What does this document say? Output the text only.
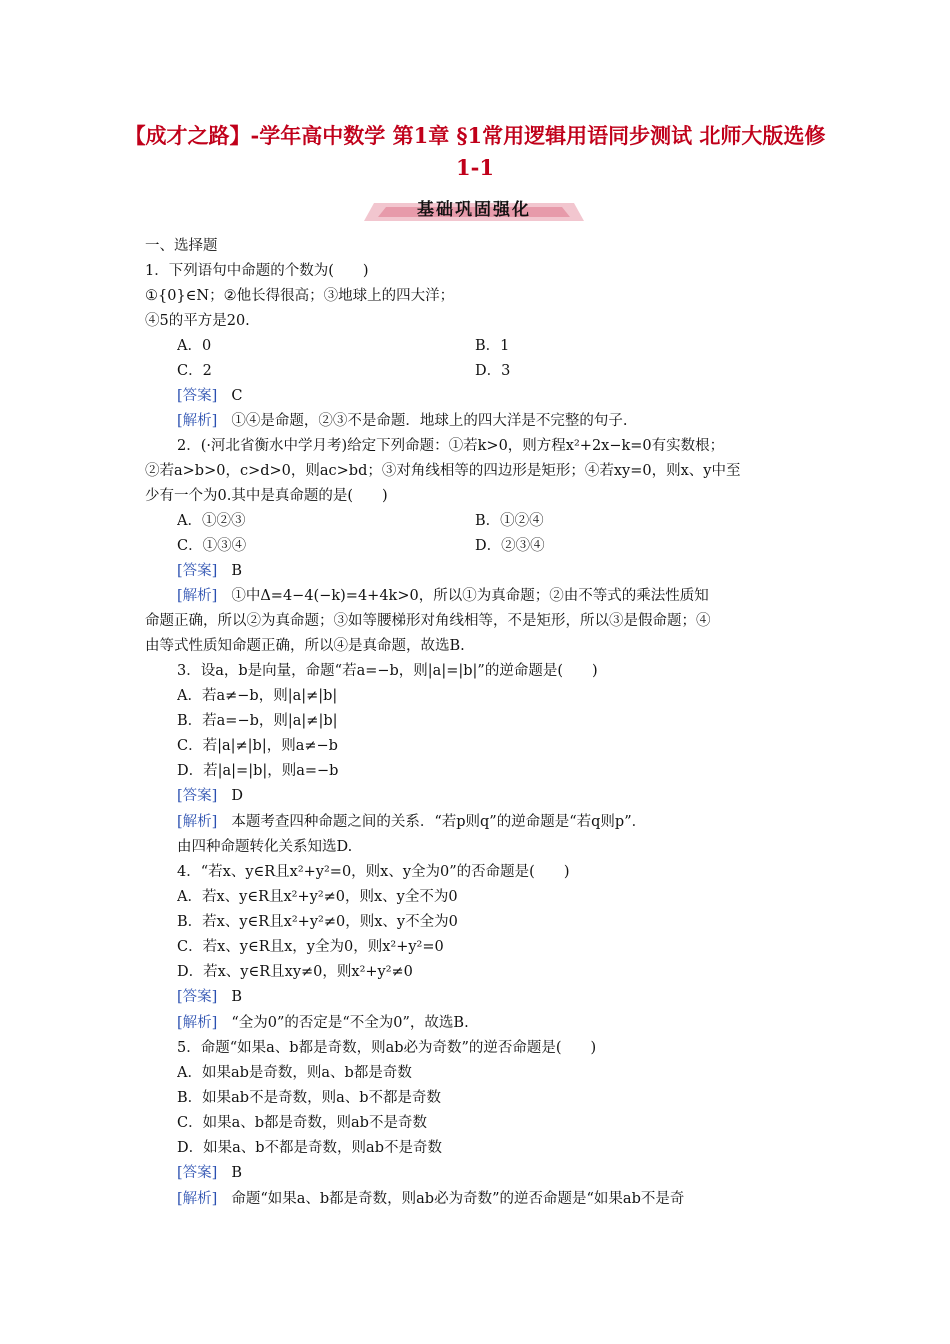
【成才之路】-学年高中数学 第1章 §1常用逻辑用语同步测试 北师大版选修1-1
基础巩固强化
一、选择题
1．下列语句中命题的个数为(　　)
①{0}∈N；②他长得很高；③地球上的四大洋；
④5的平方是20.
A．0	B．1
C．2	D．3
[答案] C
[解析] ①④是命题，②③不是命题．地球上的四大洋是不完整的句子.
2．(·河北省衡水中学月考)给定下列命题：①若k>0，则方程x²+2x−k=0有实数根；
②若a>b>0，c>d>0，则ac>bd；③对角线相等的四边形是矩形；④若xy=0，则x、y中至
少有一个为0.其中是真命题的是(　　)
A．①②③	B．①②④
C．①③④	D．②③④
[答案] B
[解析] ①中Δ=4−4(−k)=4+4k>0，所以①为真命题；②由不等式的乘法性质知
命题正确，所以②为真命题；③如等腰梯形对角线相等，不是矩形，所以③是假命题；④
由等式性质知命题正确，所以④是真命题，故选B.
3．设a，b是向量，命题“若a=−b，则|a|=|b|”的逆命题是(　　)
A．若a≠−b，则|a|≠|b|
B．若a=−b，则|a|≠|b|
C．若|a|≠|b|，则a≠−b
D．若|a|=|b|，则a=−b
[答案] D
[解析] 本题考查四种命题之间的关系．“若p则q”的逆命题是“若q则p”．
由四种命题转化关系知选D.
4．“若x、y∈R且x²+y²=0，则x、y全为0”的否命题是(　　)
A．若x、y∈R且x²+y²≠0，则x、y全不为0
B．若x、y∈R且x²+y²≠0，则x、y不全为0
C．若x、y∈R且x，y全为0，则x²+y²=0
D．若x、y∈R且xy≠0，则x²+y²≠0
[答案] B
[解析] “全为0”的否定是“不全为0”，故选B.
5．命题“如果a、b都是奇数，则ab必为奇数”的逆否命题是(　　)
A．如果ab是奇数，则a、b都是奇数
B．如果ab不是奇数，则a、b不都是奇数
C．如果a、b都是奇数，则ab不是奇数
D．如果a、b不都是奇数，则ab不是奇数
[答案] B
[解析] 命题“如果a、b都是奇数，则ab必为奇数”的逆否命题是“如果ab不是奇
